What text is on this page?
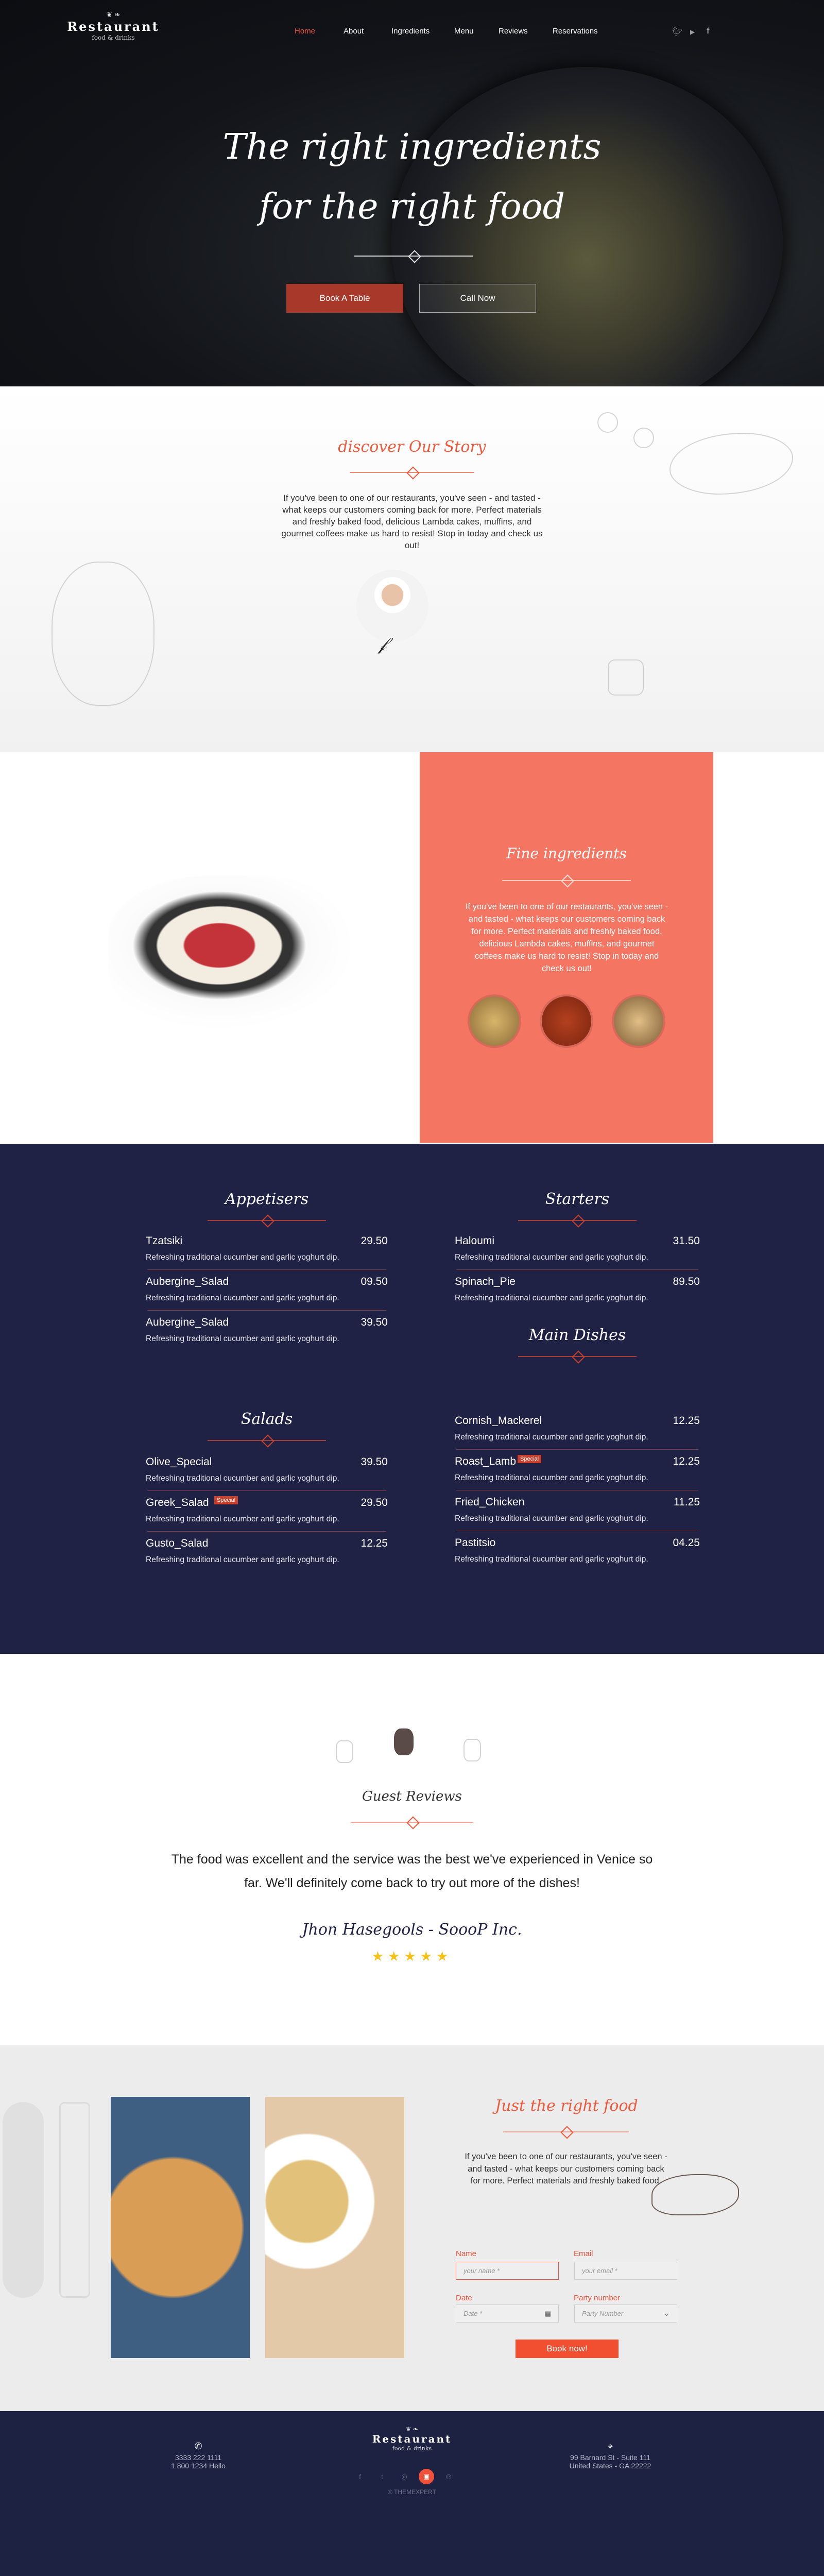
❦ ❧
Restaurant
food & drinks
Home	About	Ingredients	Menu	Reviews	Reservations	🐦︎ ▶ f
The right ingredients
for the right food
Book A Table	Call Now
discover Our Story
If you've been to one of our restaurants, you've seen - and tasted - what keeps our customers coming back for more. Perfect materials and freshly baked food, delicious Lambda cakes, muffins, and gourmet coffees make us hard to resist! Stop in today and check us out!
𝒻
Fine ingredients
If you've been to one of our restaurants, you've seen - and tasted - what keeps our customers coming back for more. Perfect materials and freshly baked food, delicious Lambda cakes, muffins, and gourmet coffees make us hard to resist! Stop in today and check us out!
Appetisers
Tzatsiki	29.50
Refreshing traditional cucumber and garlic yoghurt dip.
Aubergine_Salad	09.50
Refreshing traditional cucumber and garlic yoghurt dip.
Aubergine_Salad	39.50
Refreshing traditional cucumber and garlic yoghurt dip.
Starters
Haloumi	31.50
Refreshing traditional cucumber and garlic yoghurt dip.
Spinach_Pie	89.50
Refreshing traditional cucumber and garlic yoghurt dip.
Salads
Olive_Special	39.50
Refreshing traditional cucumber and garlic yoghurt dip.
Greek_Salad	Special	29.50
Refreshing traditional cucumber and garlic yoghurt dip.
Gusto_Salad	12.25
Refreshing traditional cucumber and garlic yoghurt dip.
Main Dishes
Cornish_Mackerel	12.25
Refreshing traditional cucumber and garlic yoghurt dip.
Roast_Lamb Special	12.25
Refreshing traditional cucumber and garlic yoghurt dip.
Fried_Chicken	11.25
Refreshing traditional cucumber and garlic yoghurt dip.
Pastitsio	04.25
Refreshing traditional cucumber and garlic yoghurt dip.
Guest Reviews
The food was excellent and the service was the best we've experienced in Venice so far. We'll definitely come back to try out more of the dishes!
Jhon Hasegools - SoooP Inc.
★★★★★
Just the right food
If you've been to one of our restaurants, you've seen - and tasted - what keeps our customers coming back for more. Perfect materials and freshly baked food.
Name
your name *
Email
your email *
Date
Date *	▦
Party number
Party Number	⌄
Book now!
✆
3333 222 1111
1 800 1234 Hello
❦ ❧
Restaurant
food & drinks	⌖
99 Barnard St - Suite 111
United States - GA 22222
© THEMEXPERT
f	t	◎	▣	℗
